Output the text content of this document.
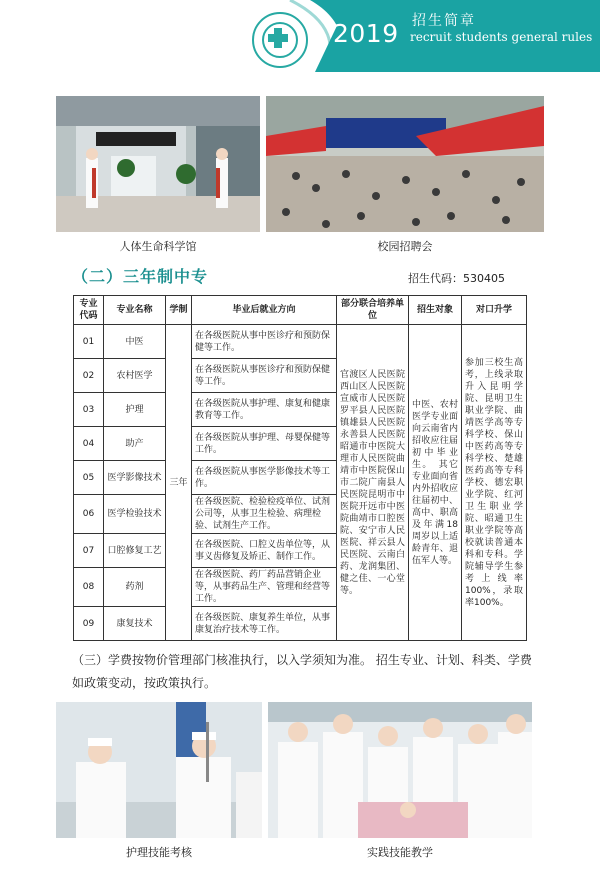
2019 招生简章
recruit students general rules
人体生命科学馆	校园招聘会
（二）三年制中专	招生代码：530405
专业代码	专业名称	学制	毕业后就业方向	部分联合培养单位	招生对象	对口升学
01	中医	三年	在各级医院从事中医诊疗和预防保健等工作。	官渡区人民医院西山区人民医院宣威市人民医院罗平县人民医院镇雄县人民医院永善县人民医院昭通市中医院大理市人民医院曲靖市中医院保山市二院广南县人民医院昆明市中医院开远市中医院曲靖市口腔医院、安宁市人民医院、祥云县人民医院、云南白药、龙润集团、健之佳、一心堂等。	中医、农村医学专业面向云南省内招收应往届初中毕业生。　其它专业面向省内外招收应往届初中、高中、职高及年满18周岁以上适龄青年、退伍军人等。	参加三校生高考，上线录取升入昆明学院、昆明卫生职业学院、曲靖医学高等专科学校、保山中医药高等专科学校、楚雄医药高等专科学校、德宏职业学院、红河卫生职业学院、昭通卫生职业学院等高校就读普通本科和专科。学院辅导学生参考上线率100%，录取率100%。
02	农村医学		在各级医院从事医诊疗和预防保健等工作。			
03	护理		在各级医院从事护理、康复和健康教育等工作。			
04	助产		在各级医院从事护理、母婴保健等工作。			
05	医学影像技术		在各级医院从事医学影像技术等工作。			
06	医学检验技术		在各级医院、检验检疫单位、试剂公司等，从事卫生检验、病理检验、试剂生产工作。			
07	口腔修复工艺		在各级医院、口腔义齿单位等，从事义齿修复及矫正、制作工作。			
08	药剂		在各级医院、药厂药品营销企业等，从事药品生产、管理和经营等工作。			
09	康复技术		在各级医院、康复养生单位，从事康复治疗技术等工作。			
（三）学费按物价管理部门核准执行，以入学须知为准。 招生专业、计划、科类、学费如政策变动，按政策执行。
护理技能考核	实践技能教学
